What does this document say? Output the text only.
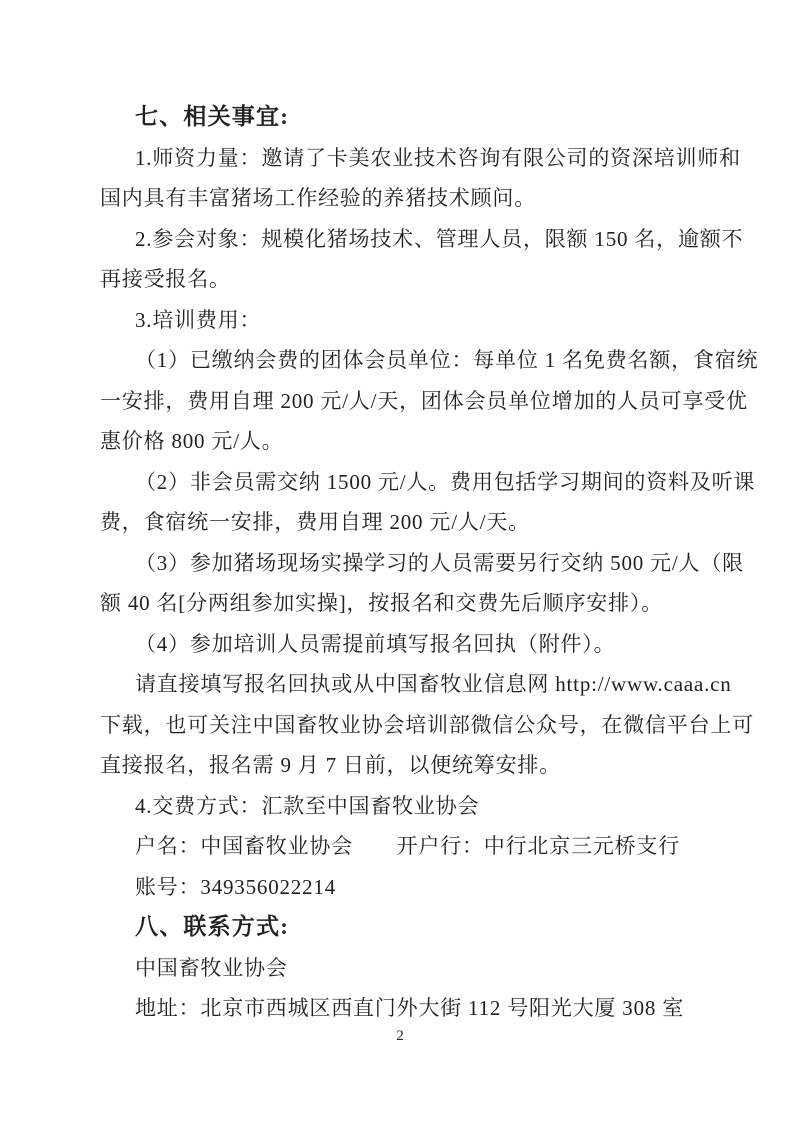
七、相关事宜:
1.师资力量：邀请了卡美农业技术咨询有限公司的资深培训师和
国内具有丰富猪场工作经验的养猪技术顾问。
2.参会对象：规模化猪场技术、管理人员，限额 150 名，逾额不
再接受报名。
3.培训费用：
（1）已缴纳会费的团体会员单位：每单位 1 名免费名额，食宿统
一安排，费用自理 200 元/人/天，团体会员单位增加的人员可享受优
惠价格 800 元/人。
（2）非会员需交纳 1500 元/人。费用包括学习期间的资料及听课
费，食宿统一安排，费用自理 200 元/人/天。
（3）参加猪场现场实操学习的人员需要另行交纳 500 元/人（限
额 40 名[分两组参加实操]，按报名和交费先后顺序安排）。
（4）参加培训人员需提前填写报名回执（附件）。
请直接填写报名回执或从中国畜牧业信息网 http://www.caaa.cn
下载，也可关注中国畜牧业协会培训部微信公众号，在微信平台上可
直接报名，报名需 9 月 7 日前，以便统筹安排。
4.交费方式：汇款至中国畜牧业协会
户名：中国畜牧业协会　　开户行：中行北京三元桥支行
账号：349356022214
八、联系方式:
中国畜牧业协会
地址：北京市西城区西直门外大街 112 号阳光大厦 308 室
2
